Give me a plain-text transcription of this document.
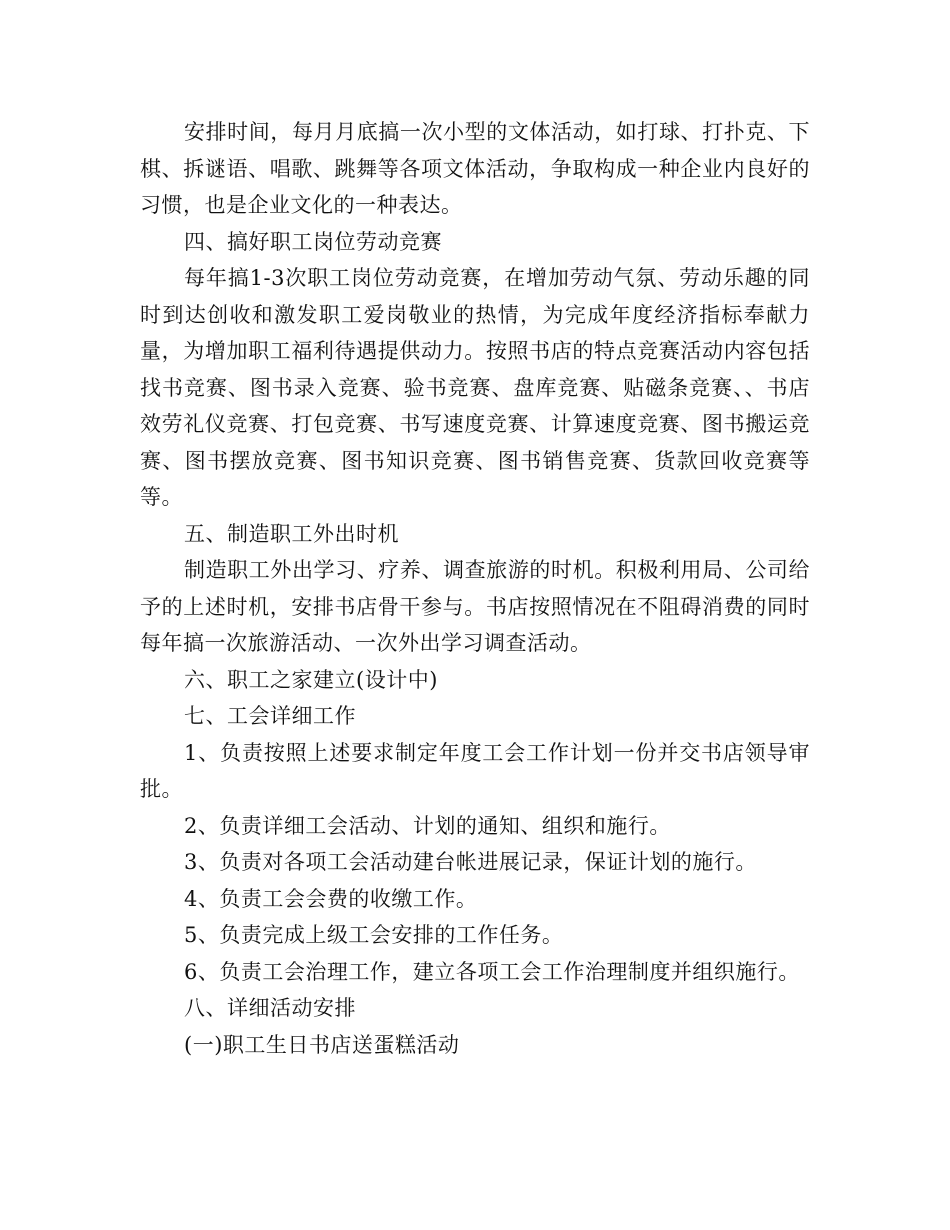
安排时间，每月月底搞一次小型的文体活动，如打球、打扑克、下棋、拆谜语、唱歌、跳舞等各项文体活动，争取构成一种企业内良好的习惯，也是企业文化的一种表达。

四、搞好职工岗位劳动竞赛

每年搞1-3次职工岗位劳动竞赛，在增加劳动气氛、劳动乐趣的同时到达创收和激发职工爱岗敬业的热情，为完成年度经济指标奉献力量，为增加职工福利待遇提供动力。按照书店的特点竞赛活动内容包括找书竞赛、图书录入竞赛、验书竞赛、盘库竞赛、贴磁条竞赛、、书店效劳礼仪竞赛、打包竞赛、书写速度竞赛、计算速度竞赛、图书搬运竞赛、图书摆放竞赛、图书知识竞赛、图书销售竞赛、货款回收竞赛等等。

五、制造职工外出时机

制造职工外出学习、疗养、调查旅游的时机。积极利用局、公司给予的上述时机，安排书店骨干参与。书店按照情况在不阻碍消费的同时每年搞一次旅游活动、一次外出学习调查活动。

六、职工之家建立(设计中)

七、工会详细工作

1、负责按照上述要求制定年度工会工作计划一份并交书店领导审批。

2、负责详细工会活动、计划的通知、组织和施行。

3、负责对各项工会活动建台帐进展记录，保证计划的施行。

4、负责工会会费的收缴工作。

5、负责完成上级工会安排的工作任务。

6、负责工会治理工作，建立各项工会工作治理制度并组织施行。

八、详细活动安排

(一)职工生日书店送蛋糕活动
